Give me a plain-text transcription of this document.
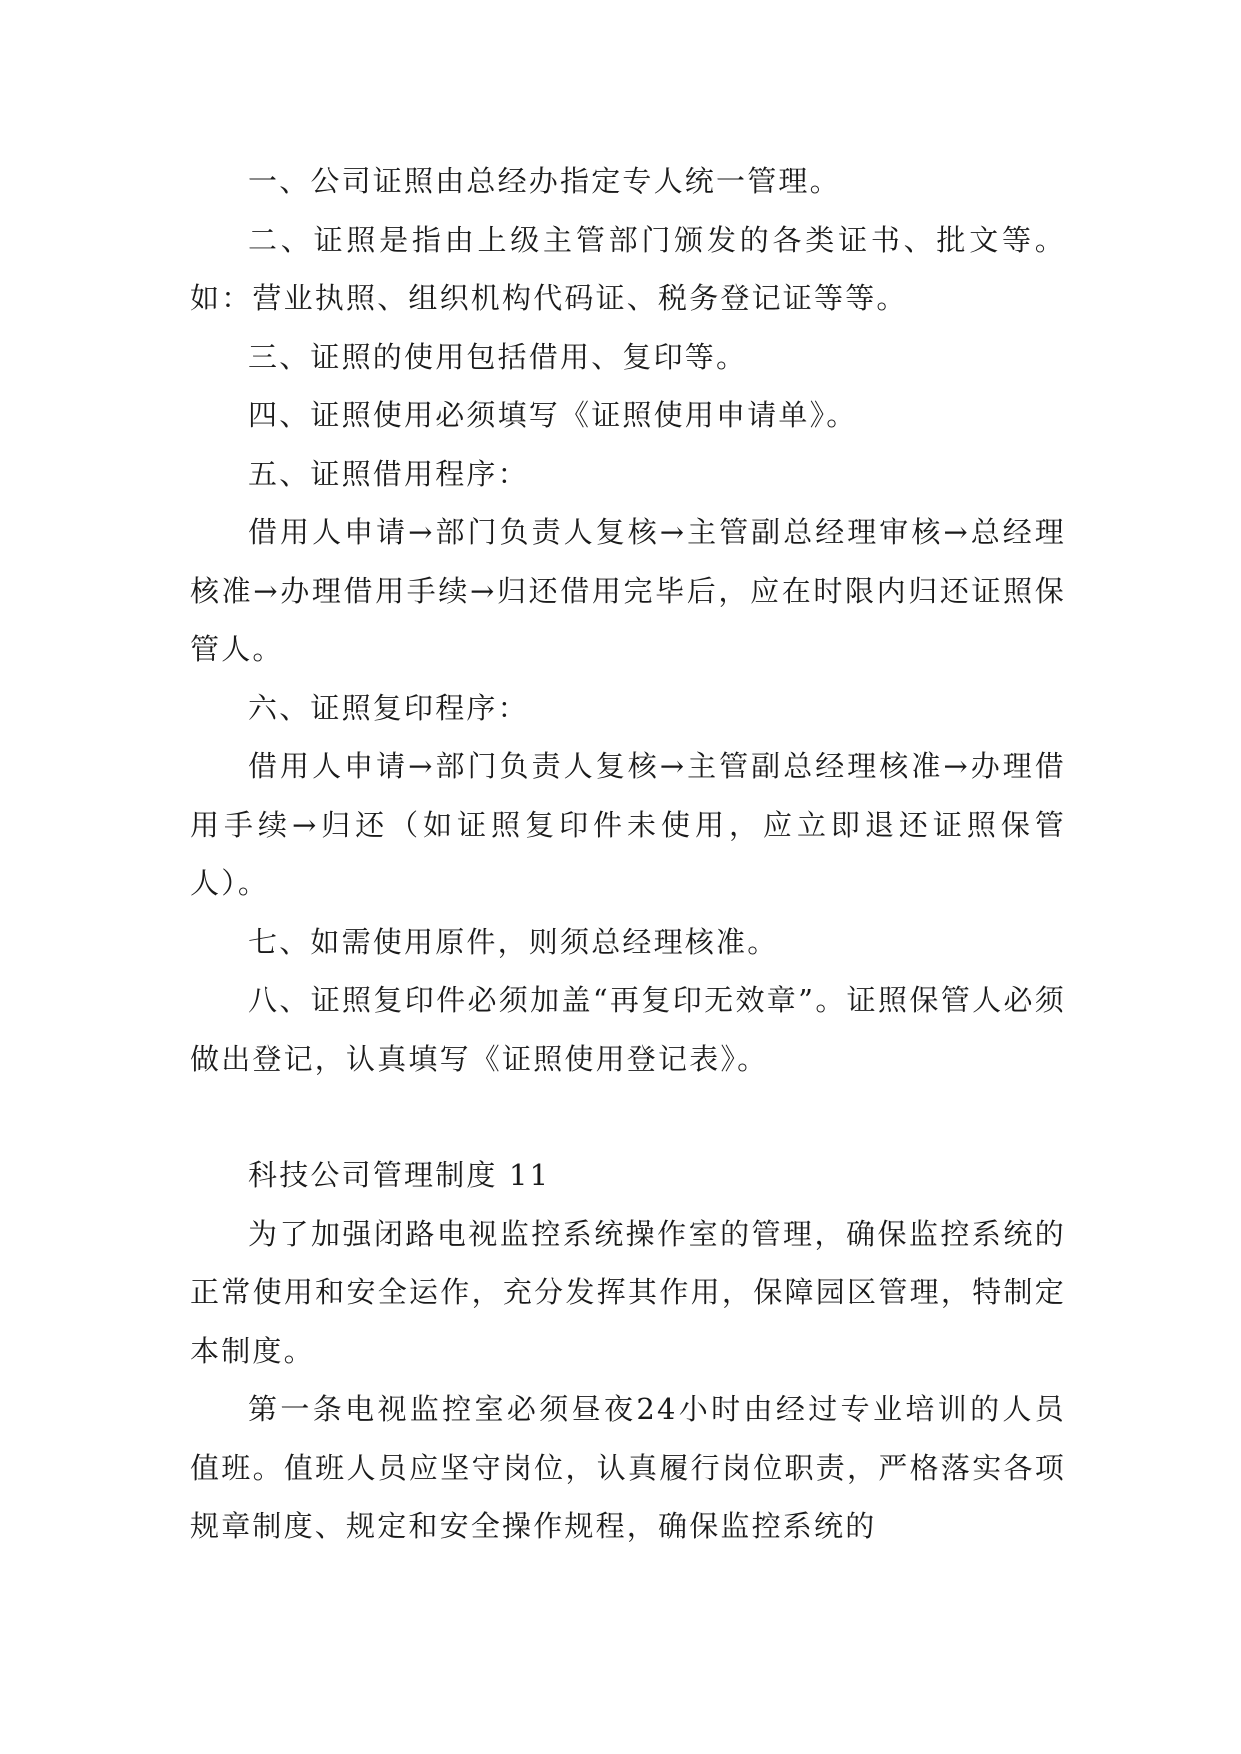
一、公司证照由总经办指定专人统一管理。

二、证照是指由上级主管部门颁发的各类证书、批文等。如：营业执照、组织机构代码证、税务登记证等等。

三、证照的使用包括借用、复印等。

四、证照使用必须填写《证照使用申请单》。

五、证照借用程序：

借用人申请→部门负责人复核→主管副总经理审核→总经理核准→办理借用手续→归还借用完毕后，应在时限内归还证照保管人。

六、证照复印程序：

借用人申请→部门负责人复核→主管副总经理核准→办理借用手续→归还（如证照复印件未使用，应立即退还证照保管人）。

七、如需使用原件，则须总经理核准。

八、证照复印件必须加盖“再复印无效章”。证照保管人必须做出登记，认真填写《证照使用登记表》。

科技公司管理制度 11

为了加强闭路电视监控系统操作室的管理，确保监控系统的正常使用和安全运作，充分发挥其作用，保障园区管理，特制定本制度。

第一条电视监控室必须昼夜24小时由经过专业培训的人员值班。值班人员应坚守岗位，认真履行岗位职责，严格落实各项规章制度、规定和安全操作规程，确保监控系统的
